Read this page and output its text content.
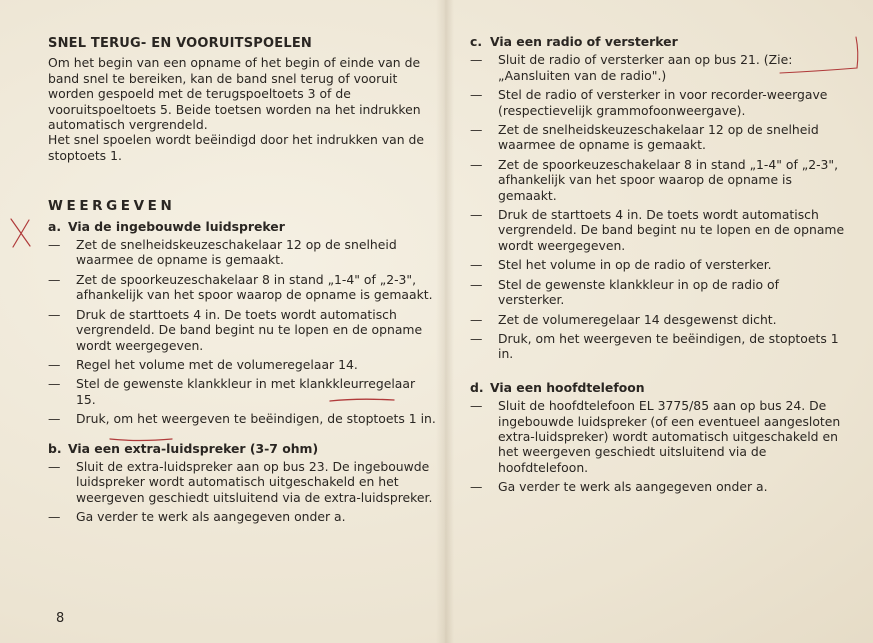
SNEL TERUG- EN VOORUITSPOELEN

Om het begin van een opname of het begin of einde van de band snel te bereiken, kan de band snel terug of vooruit worden gespoeld met de terugspoeltoets 3 of de vooruitspoeltoets 5. Beide toetsen worden na het indrukken automatisch vergrendeld.

Het snel spoelen wordt beëindigd door het indrukken van de stoptoets 1.

WEERGEVEN
a. Via de ingebouwde luidspreker
—	Zet de snelheidskeuzeschakelaar 12 op de snelheid waarmee de opname is gemaakt.
—	Zet de spoorkeuzeschakelaar 8 in stand „1-4" of „2-3", afhankelijk van het spoor waarop de opname is gemaakt.
—	Druk de starttoets 4 in. De toets wordt automatisch vergrendeld. De band begint nu te lopen en de opname wordt weergegeven.
—	Regel het volume met de volumeregelaar 14.
—	Stel de gewenste klankkleur in met klankkleurregelaar 15.
—	Druk, om het weergeven te beëindigen, de stoptoets 1 in.
b. Via een extra-luidspreker (3-7 ohm)
—	Sluit de extra-luidspreker aan op bus 23. De ingebouwde luidspreker wordt automatisch uitgeschakeld en het weergeven geschiedt uitsluitend via de extra-luidspreker.
—	Ga verder te werk als aangegeven onder a.
8
c. Via een radio of versterker
—	Sluit de radio of versterker aan op bus 21. (Zie: „Aansluiten van de radio".)
—	Stel de radio of versterker in voor recorder-weergave (respectievelijk grammofoonweergave).
—	Zet de snelheidskeuzeschakelaar 12 op de snelheid waarmee de opname is gemaakt.
—	Zet de spoorkeuzeschakelaar 8 in stand „1-4" of „2-3", afhankelijk van het spoor waarop de opname is gemaakt.
—	Druk de starttoets 4 in. De toets wordt automatisch vergrendeld. De band begint nu te lopen en de opname wordt weergegeven.
—	Stel het volume in op de radio of versterker.
—	Stel de gewenste klankkleur in op de radio of versterker.
—	Zet de volumeregelaar 14 desgewenst dicht.
—	Druk, om het weergeven te beëindigen, de stoptoets 1 in.
d. Via een hoofdtelefoon
—	Sluit de hoofdtelefoon EL 3775/85 aan op bus 24. De ingebouwde luidspreker (of een eventueel aangesloten extra-luidspreker) wordt automatisch uitgeschakeld en het weergeven geschiedt uitsluitend via de hoofdtelefoon.
—	Ga verder te werk als aangegeven onder a.
